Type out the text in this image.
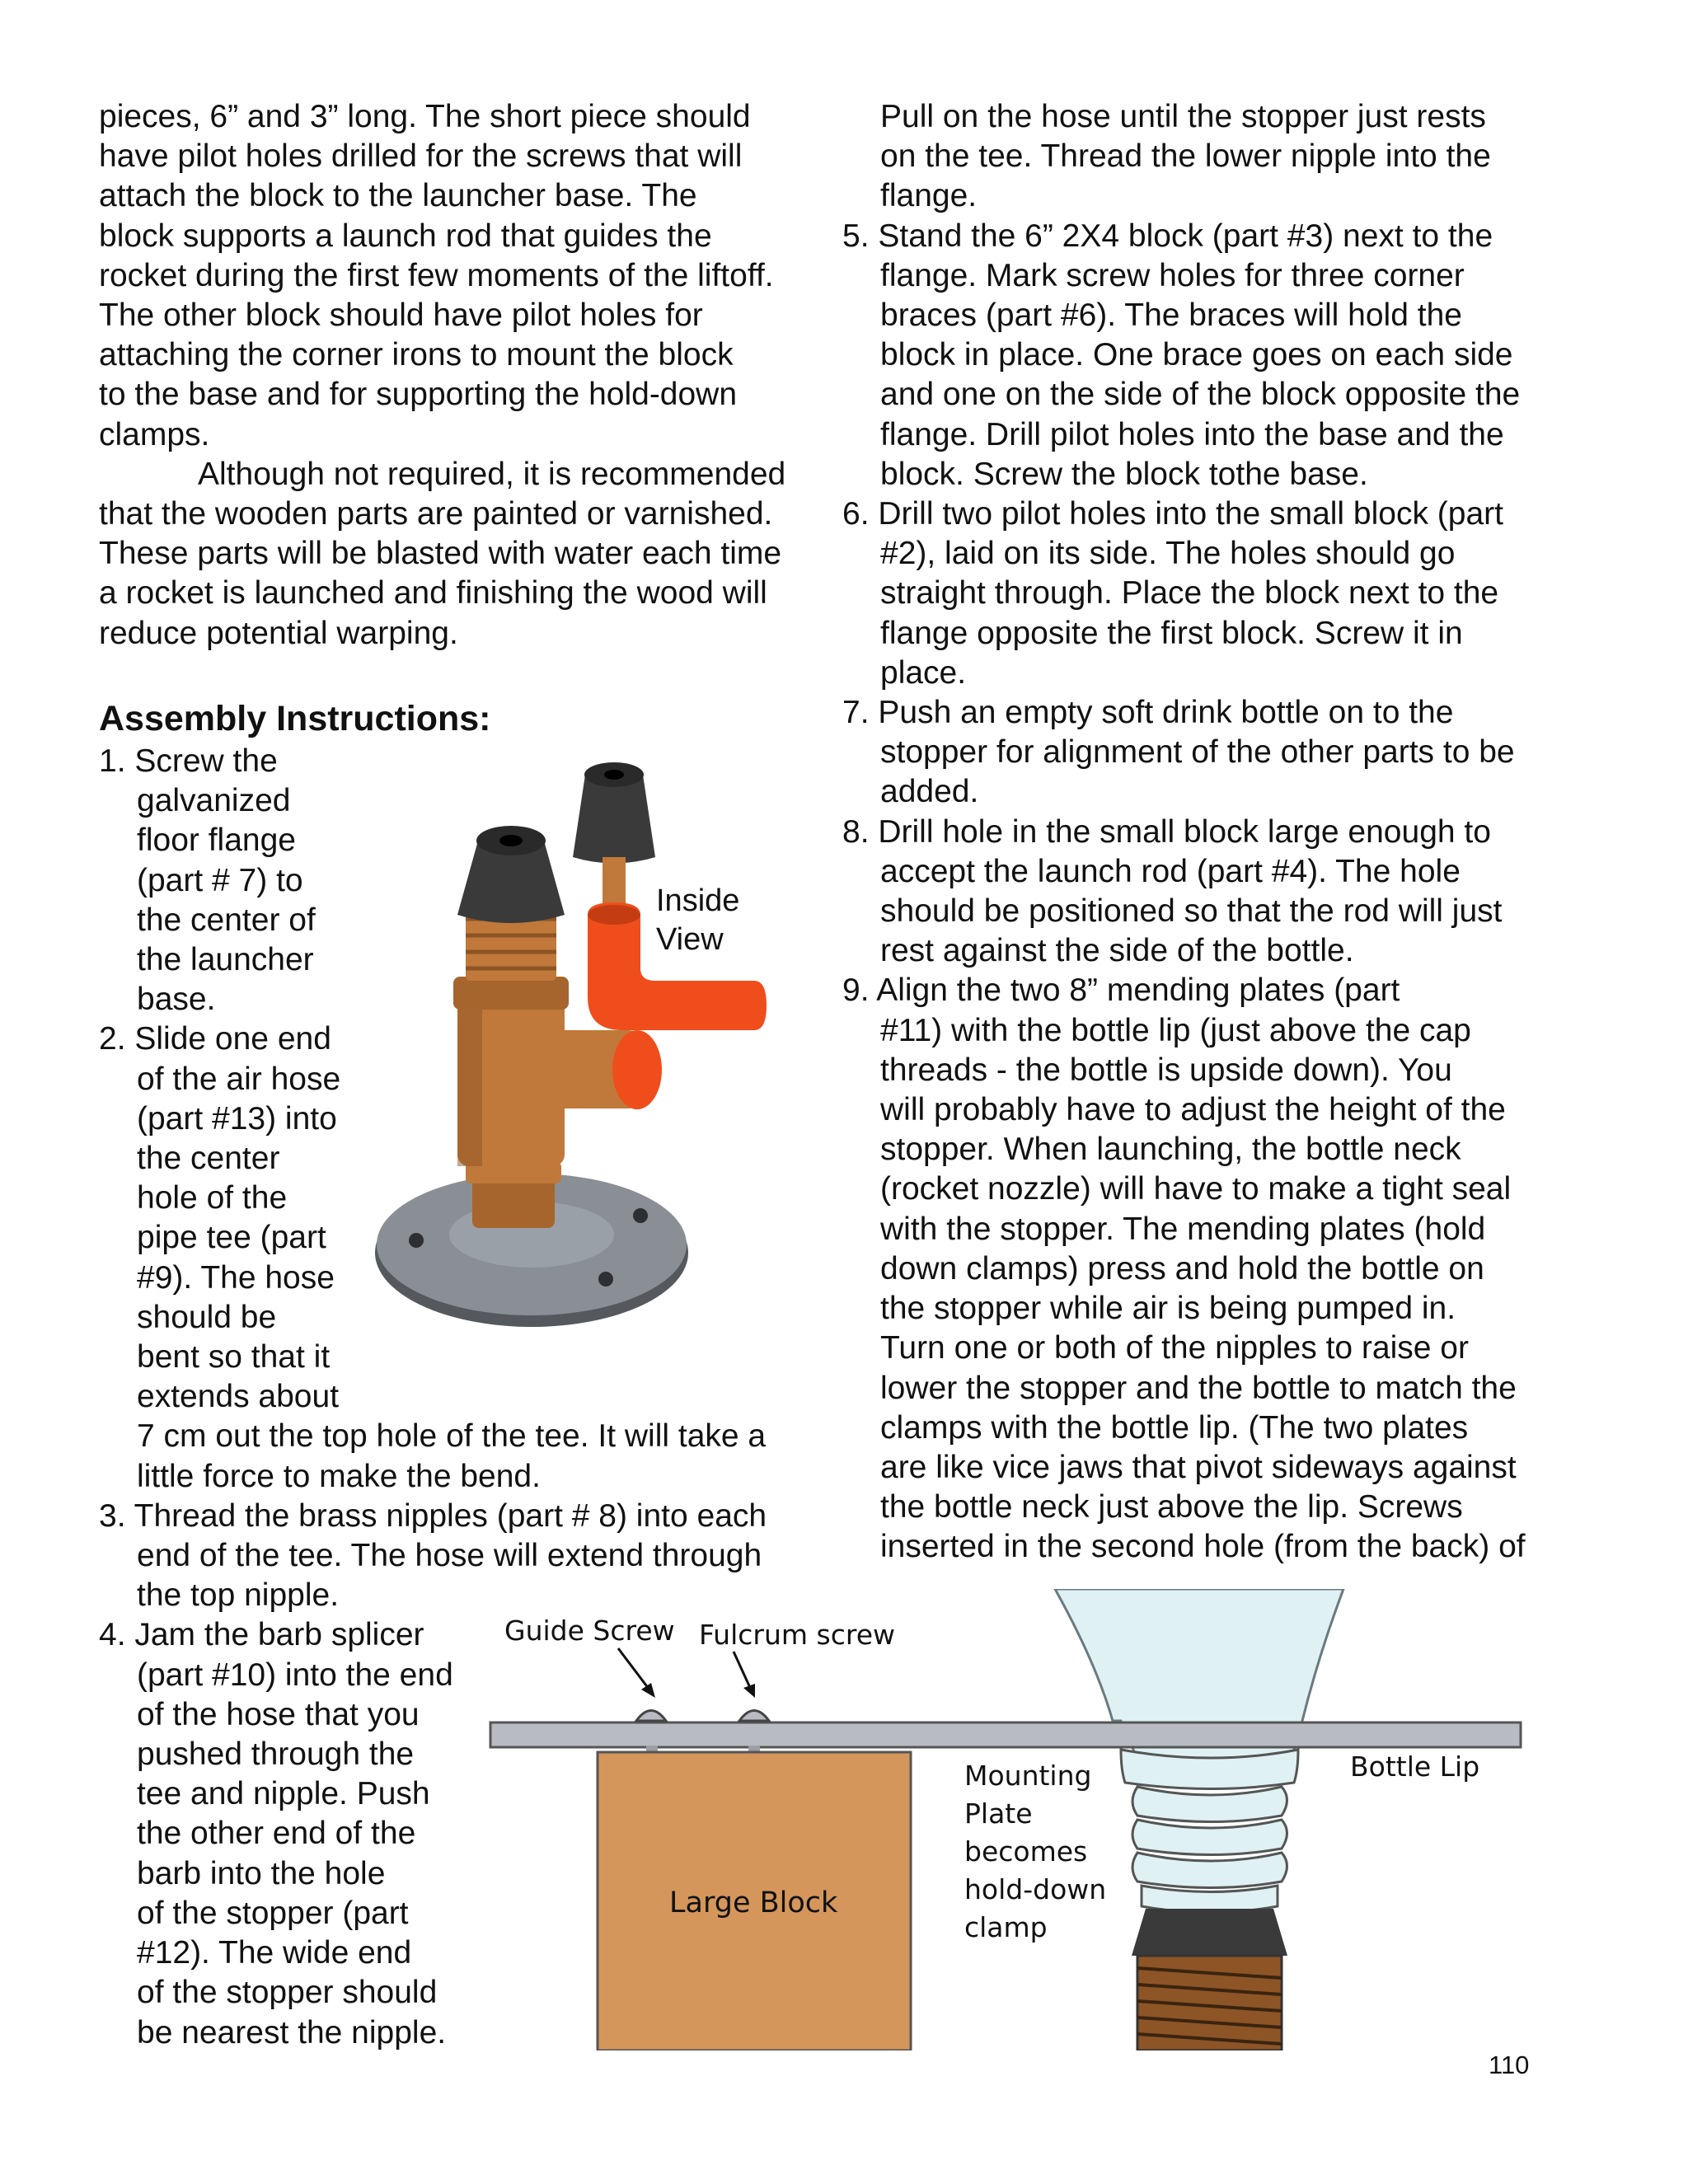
pieces, 6” and 3” long. The short piece should
have pilot holes drilled for the screws that will
attach the block to the launcher base. The
block supports a launch rod that guides the
rocket during the first few moments of the liftoff.
The other block should have pilot holes for
attaching the corner irons to mount the block
to the base and for supporting the hold-down
clamps.
Although not required, it is recommended
that the wooden parts are painted or varnished.
These parts will be blasted with water each time
a rocket is launched and finishing the wood will
reduce potential warping.
Assembly Instructions:
1. Screw the
galvanized
floor flange
(part # 7) to
the center of
the launcher
base.
2. Slide one end
of the air hose
(part #13) into
the center
hole of the
pipe tee (part
#9). The hose
should be
bent so that it
extends about
7 cm out the top hole of the tee. It will take a
little force to make the bend.
3. Thread the brass nipples (part # 8) into each
end of the tee. The hose will extend through
the top nipple.
4. Jam the barb splicer
(part #10) into the end
of the hose that you
pushed through the
tee and nipple. Push
the other end of the
barb into the hole
of the stopper (part
#12). The wide end
of the stopper should
be nearest the nipple.
Pull on the hose until the stopper just rests
on the tee. Thread the lower nipple into the
flange.
5. Stand the 6” 2X4 block (part #3) next to the
flange. Mark screw holes for three corner
braces (part #6). The braces will hold the
block in place. One brace goes on each side
and one on the side of the block opposite the
flange. Drill pilot holes into the base and the
block. Screw the block tothe base.
6. Drill two pilot holes into the small block (part
#2), laid on its side. The holes should go
straight through. Place the block next to the
flange opposite the first block. Screw it in
place.
7. Push an empty soft drink bottle on to the
stopper for alignment of the other parts to be
added.
8. Drill hole in the small block large enough to
accept the launch rod (part #4). The hole
should be positioned so that the rod will just
rest against the side of the bottle.
9. Align the two 8” mending plates (part
#11) with the bottle lip (just above the cap
threads - the bottle is upside down). You
will probably have to adjust the height of the
stopper. When launching, the bottle neck
(rocket nozzle) will have to make a tight seal
with the stopper. The mending plates (hold
down clamps) press and hold the bottle on
the stopper while air is being pumped in.
Turn one or both of the nipples to raise or
lower the stopper and the bottle to match the
clamps with the bottle lip. (The two plates
are like vice jaws that pivot sideways against
the bottle neck just above the lip. Screws
inserted in the second hole (from the back) of
Inside
View
Guide Screw Fulcrum screw
Large Block
Mounting
Plate
becomes
hold-down
clamp
Bottle Lip
110
